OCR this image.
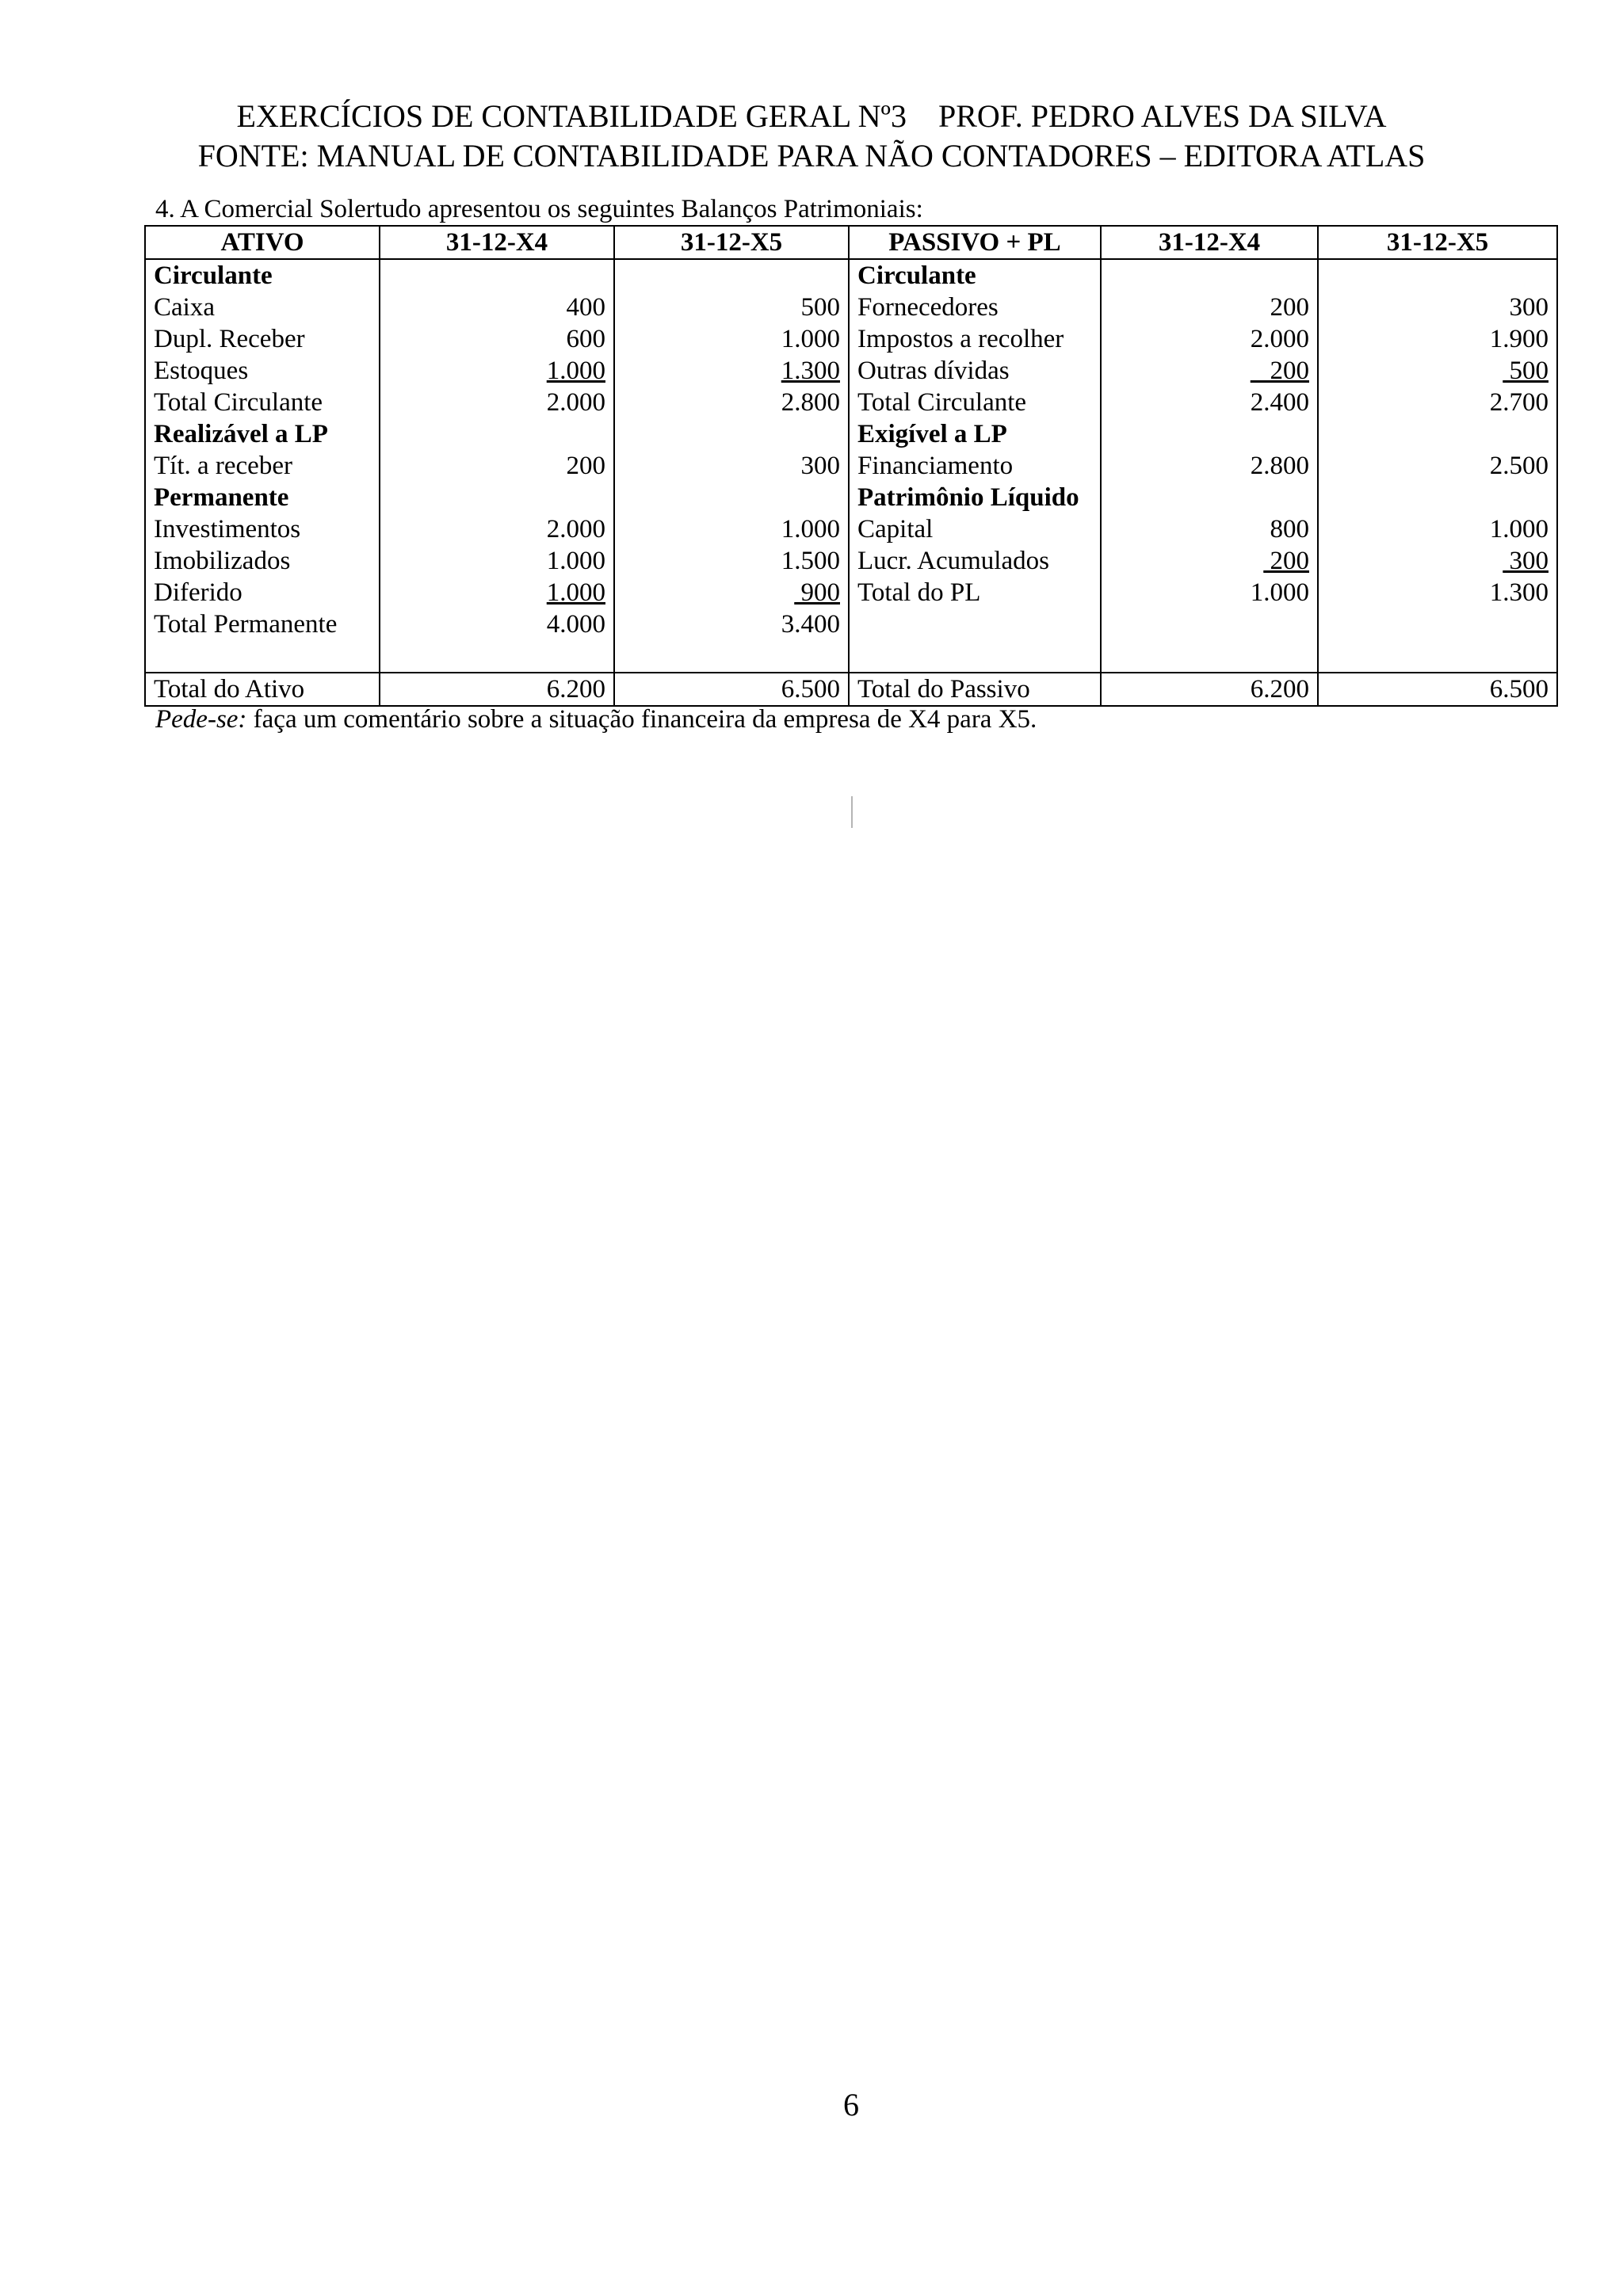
EXERCÍCIOS DE CONTABILIDADE GERAL Nº3 PROF. PEDRO ALVES DA SILVA
FONTE: MANUAL DE CONTABILIDADE PARA NÃO CONTADORES – EDITORA ATLAS
4. A Comercial Solertudo apresentou os seguintes Balanços Patrimoniais:
ATIVO	31-12-X4	31-12-X5	PASSIVO + PL	31-12-X4	31-12-X5
Circulante			Circulante		
Caixa	400	500	Fornecedores	200	300
Dupl. Receber	600	1.000	Impostos a recolher	2.000	1.900
Estoques	1.000	1.300	Outras dívidas	200	500
Total Circulante	2.000	2.800	Total Circulante	2.400	2.700
Realizável a LP			Exigível a LP		
Tít. a receber	200	300	Financiamento	2.800	2.500
Permanente			Patrimônio Líquido		
Investimentos	2.000	1.000	Capital	800	1.000
Imobilizados	1.000	1.500	Lucr. Acumulados	200	300
Diferido	1.000	900	Total do PL	1.000	1.300
Total Permanente	4.000	3.400			

Total do Ativo	6.200	6.500	Total do Passivo	6.200	6.500
Pede-se: faça um comentário sobre a situação financeira da empresa de X4 para X5.
6
